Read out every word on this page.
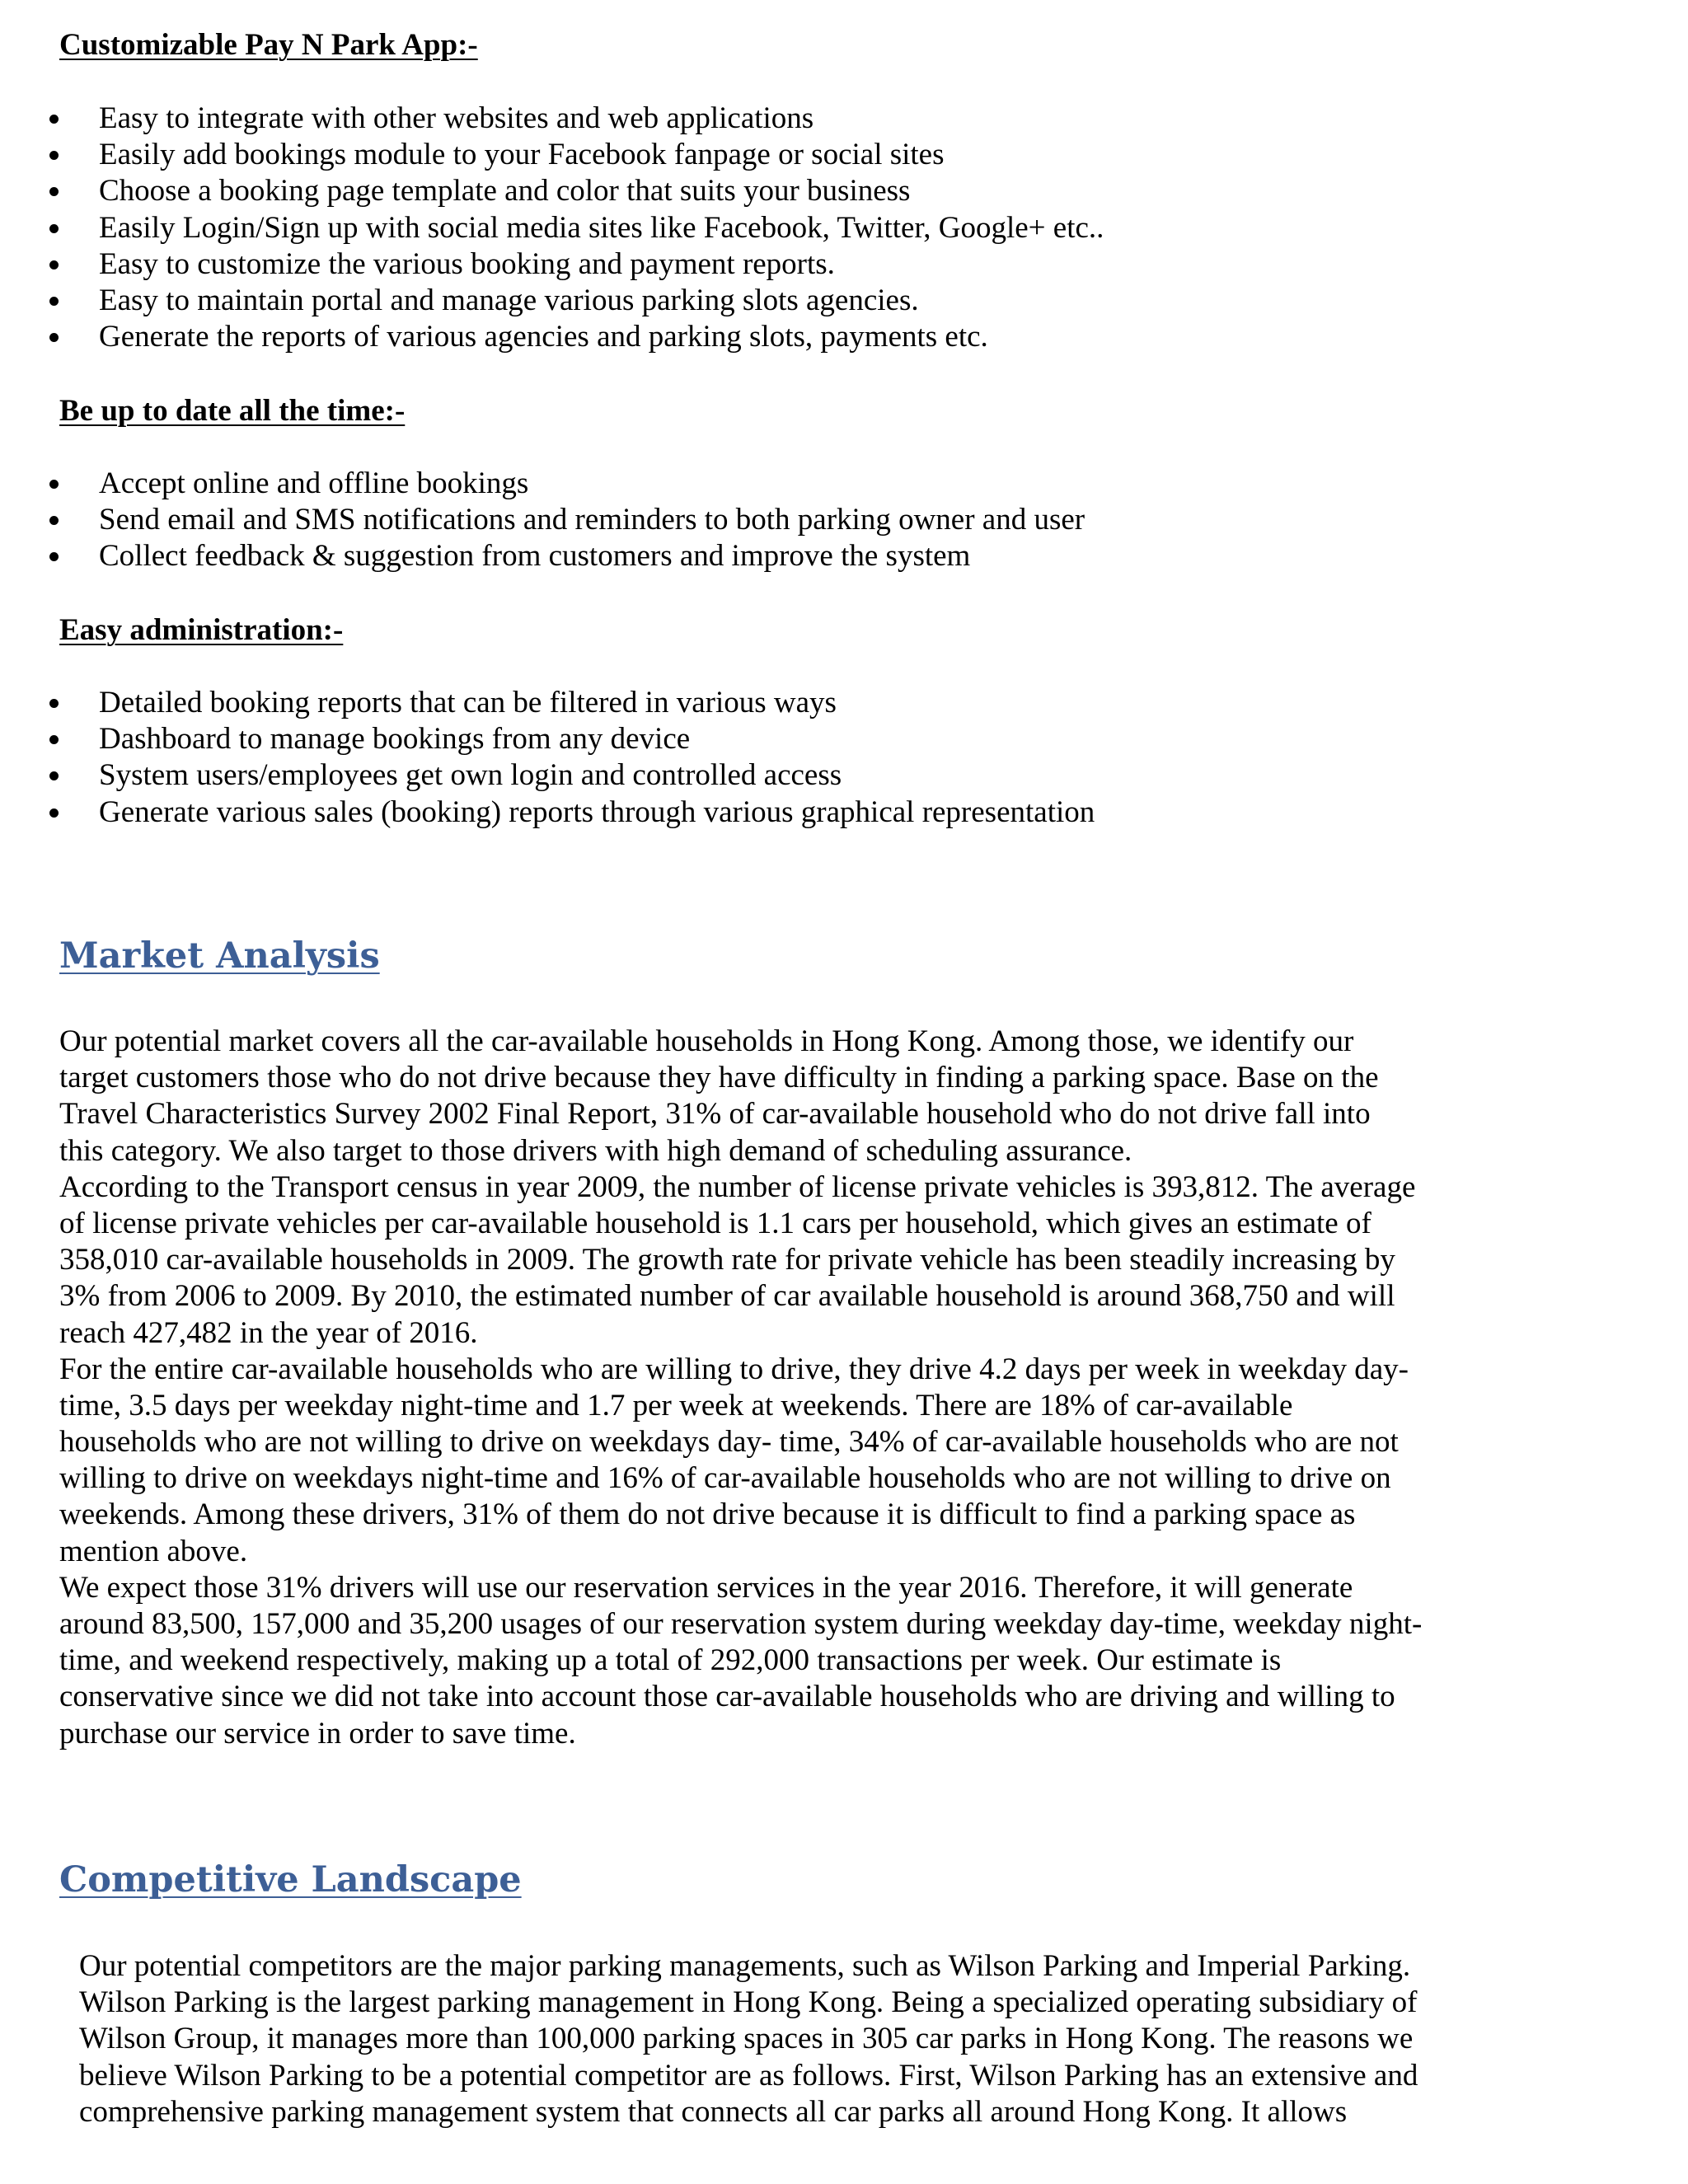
Customizable Pay N Park App:-
Easy to integrate with other websites and web applications
Easily add bookings module to your Facebook fanpage or social sites
Choose a booking page template and color that suits your business
Easily Login/Sign up with social media sites like Facebook, Twitter, Google+ etc..
Easy to customize the various booking and payment reports.
Easy to maintain portal and manage various parking slots agencies.
Generate the reports of various agencies and parking slots, payments etc.
Be up to date all the time:-
Accept online and offline bookings
Send email and SMS notifications and reminders to both parking owner and user
Collect feedback & suggestion from customers and improve the system
Easy administration:-
Detailed booking reports that can be filtered in various ways
Dashboard to manage bookings from any device
System users/employees get own login and controlled access
Generate various sales (booking) reports through various graphical representation
Market Analysis
Our potential market covers all the car-available households in Hong Kong. Among those, we identify our
target customers those who do not drive because they have difficulty in finding a parking space. Base on the
Travel Characteristics Survey 2002 Final Report, 31% of car-available household who do not drive fall into
this category. We also target to those drivers with high demand of scheduling assurance.
According to the Transport census in year 2009, the number of license private vehicles is 393,812. The average
of license private vehicles per car-available household is 1.1 cars per household, which gives an estimate of
358,010 car-available households in 2009. The growth rate for private vehicle has been steadily increasing by
3% from 2006 to 2009. By 2010, the estimated number of car available household is around 368,750 and will
reach 427,482 in the year of 2016.
For the entire car-available households who are willing to drive, they drive 4.2 days per week in weekday day-
time, 3.5 days per weekday night-time and 1.7 per week at weekends. There are 18% of car-available
households who are not willing to drive on weekdays day- time, 34% of car-available households who are not
willing to drive on weekdays night-time and 16% of car-available households who are not willing to drive on
weekends. Among these drivers, 31% of them do not drive because it is difficult to find a parking space as
mention above.
We expect those 31% drivers will use our reservation services in the year 2016. Therefore, it will generate
around 83,500, 157,000 and 35,200 usages of our reservation system during weekday day-time, weekday night-
time, and weekend respectively, making up a total of 292,000 transactions per week. Our estimate is
conservative since we did not take into account those car-available households who are driving and willing to
purchase our service in order to save time.
Competitive Landscape
Our potential competitors are the major parking managements, such as Wilson Parking and Imperial Parking.
Wilson Parking is the largest parking management in Hong Kong. Being a specialized operating subsidiary of
Wilson Group, it manages more than 100,000 parking spaces in 305 car parks in Hong Kong. The reasons we
believe Wilson Parking to be a potential competitor are as follows. First, Wilson Parking has an extensive and
comprehensive parking management system that connects all car parks all around Hong Kong. It allows
